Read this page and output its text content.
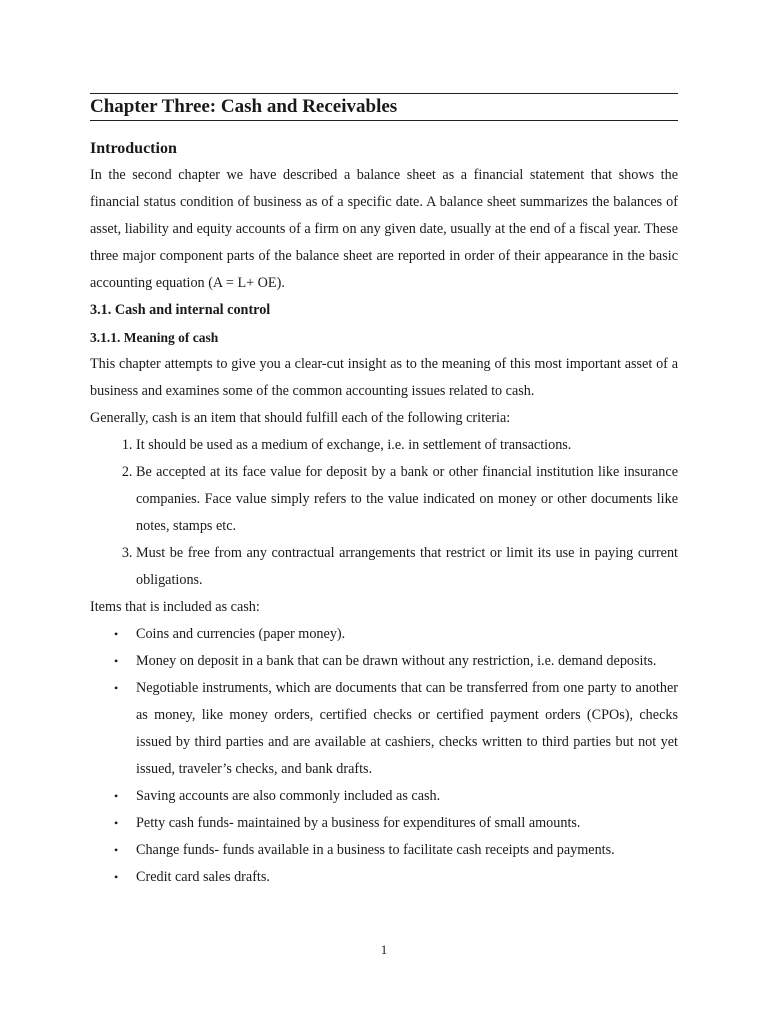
Chapter Three: Cash and Receivables
Introduction

In the second chapter we have described a balance sheet as a financial statement that shows the financial status condition of business as of a specific date. A balance sheet summarizes the balances of asset, liability and equity accounts of a firm on any given date, usually at the end of a fiscal year. These three major component parts of the balance sheet are reported in order of their appearance in the basic accounting equation (A = L+ OE).

3.1. Cash and internal control
3.1.1. Meaning of cash

This chapter attempts to give you a clear-cut insight as to the meaning of this most important asset of a business and examines some of the common accounting issues related to cash.

Generally, cash is an item that should fulfill each of the following criteria:

1. It should be used as a medium of exchange, i.e. in settlement of transactions.
2. Be accepted at its face value for deposit by a bank or other financial institution like insurance companies. Face value simply refers to the value indicated on money or other documents like notes, stamps etc.
3. Must be free from any contractual arrangements that restrict or limit its use in paying current obligations.

Items that is included as cash:

• Coins and currencies (paper money).
• Money on deposit in a bank that can be drawn without any restriction, i.e. demand deposits.
• Negotiable instruments, which are documents that can be transferred from one party to another as money, like money orders, certified checks or certified payment orders (CPOs), checks issued by third parties and are available at cashiers, checks written to third parties but not yet issued, traveler’s checks, and bank drafts.
• Saving accounts are also commonly included as cash.
• Petty cash funds- maintained by a business for expenditures of small amounts.
• Change funds- funds available in a business to facilitate cash receipts and payments.
• Credit card sales drafts.
1
